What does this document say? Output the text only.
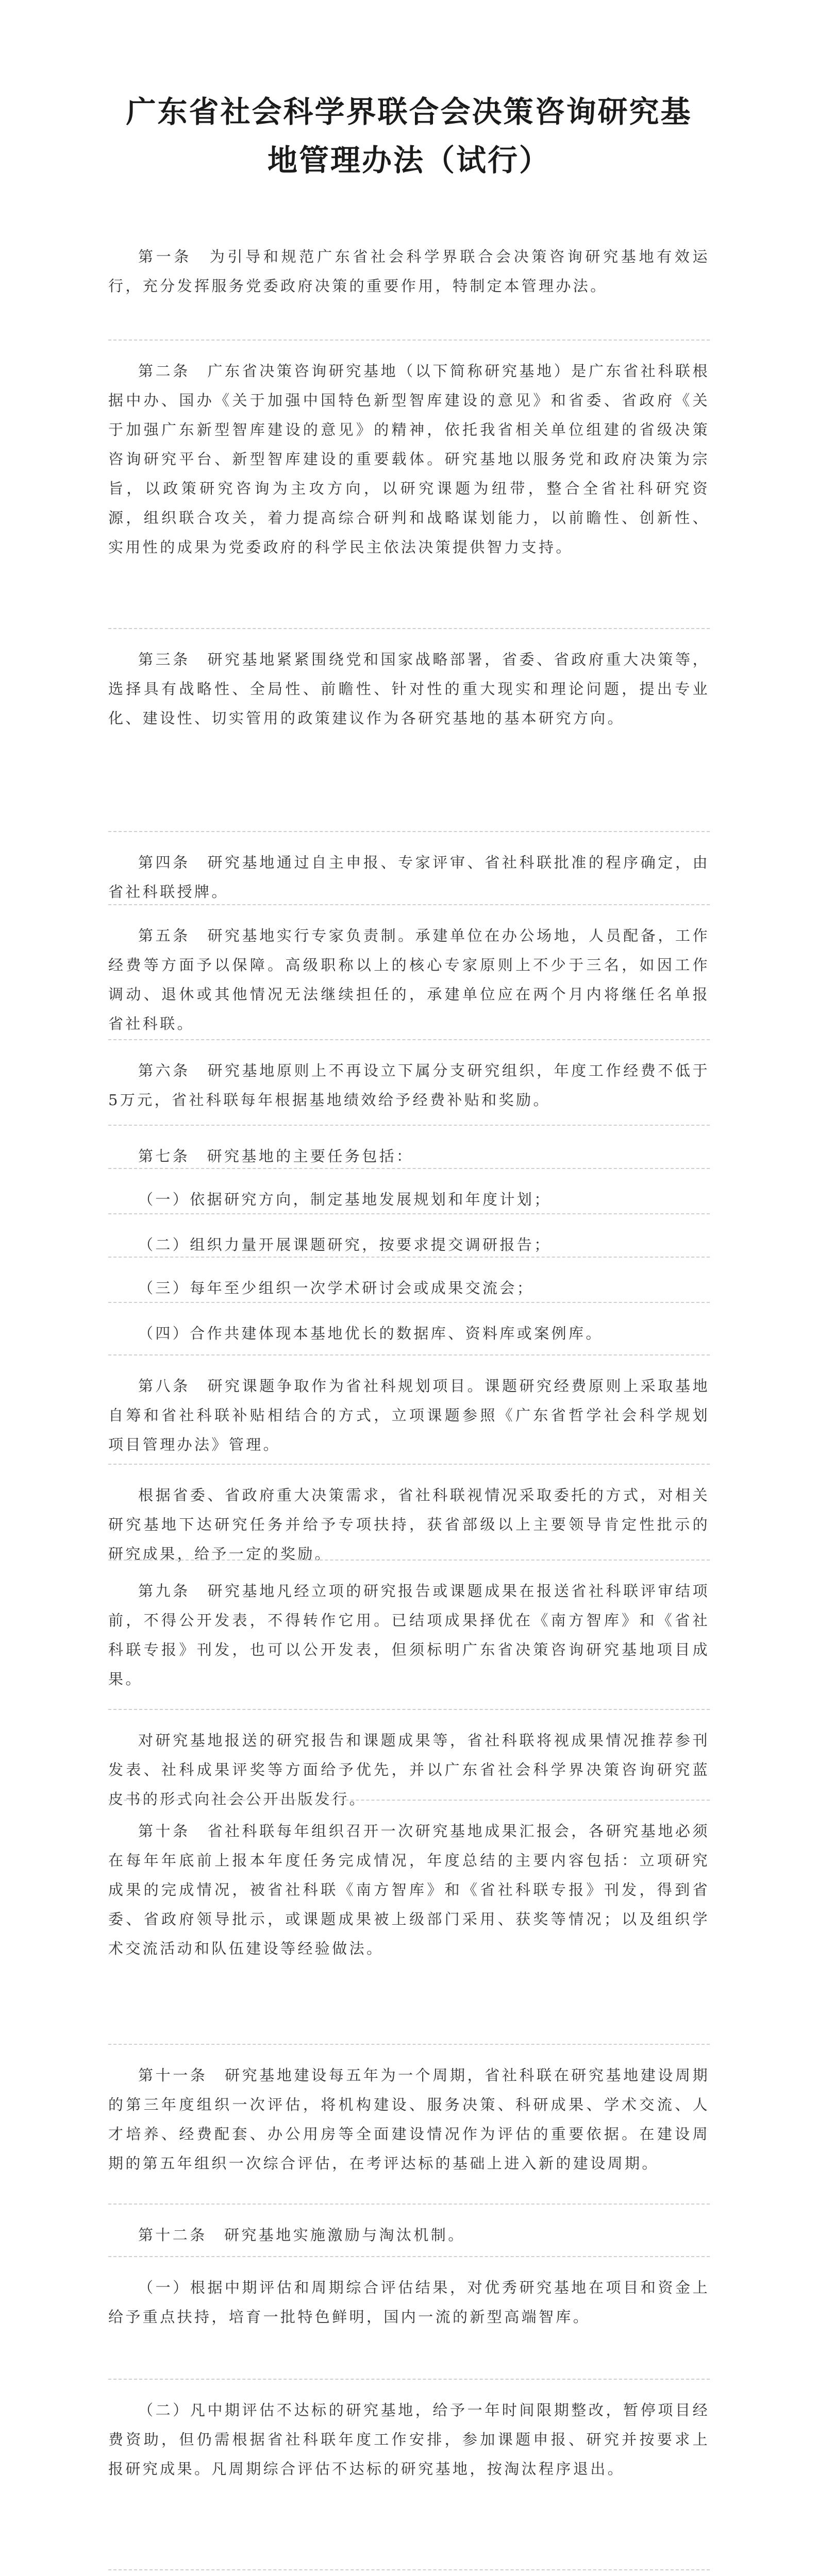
广东省社会科学界联合会决策咨询研究基
地管理办法（试行）

第一条　为引导和规范广东省社会科学界联合会决策咨询研究基地有效运行，充分发挥服务党委政府决策的重要作用，特制定本管理办法。

第二条　广东省决策咨询研究基地（以下简称研究基地）是广东省社科联根据中办、国办《关于加强中国特色新型智库建设的意见》和省委、省政府《关于加强广东新型智库建设的意见》的精神，依托我省相关单位组建的省级决策咨询研究平台、新型智库建设的重要载体。研究基地以服务党和政府决策为宗旨，以政策研究咨询为主攻方向，以研究课题为纽带，整合全省社科研究资源，组织联合攻关，着力提高综合研判和战略谋划能力，以前瞻性、创新性、实用性的成果为党委政府的科学民主依法决策提供智力支持。

第三条　研究基地紧紧围绕党和国家战略部署，省委、省政府重大决策等，选择具有战略性、全局性、前瞻性、针对性的重大现实和理论问题，提出专业化、建设性、切实管用的政策建议作为各研究基地的基本研究方向。

第四条　研究基地通过自主申报、专家评审、省社科联批准的程序确定，由省社科联授牌。

第五条　研究基地实行专家负责制。承建单位在办公场地，人员配备，工作经费等方面予以保障。高级职称以上的核心专家原则上不少于三名，如因工作调动、退休或其他情况无法继续担任的，承建单位应在两个月内将继任名单报省社科联。

第六条　研究基地原则上不再设立下属分支研究组织，年度工作经费不低于5万元，省社科联每年根据基地绩效给予经费补贴和奖励。

第七条　研究基地的主要任务包括：

（一）依据研究方向，制定基地发展规划和年度计划；

（二）组织力量开展课题研究，按要求提交调研报告；

（三）每年至少组织一次学术研讨会或成果交流会；

（四）合作共建体现本基地优长的数据库、资料库或案例库。

第八条　研究课题争取作为省社科规划项目。课题研究经费原则上采取基地自筹和省社科联补贴相结合的方式，立项课题参照《广东省哲学社会科学规划项目管理办法》管理。

根据省委、省政府重大决策需求，省社科联视情况采取委托的方式，对相关研究基地下达研究任务并给予专项扶持，获省部级以上主要领导肯定性批示的研究成果，给予一定的奖励。

第九条　研究基地凡经立项的研究报告或课题成果在报送省社科联评审结项前，不得公开发表，不得转作它用。已结项成果择优在《南方智库》和《省社科联专报》刊发，也可以公开发表，但须标明广东省决策咨询研究基地项目成果。

对研究基地报送的研究报告和课题成果等，省社科联将视成果情况推荐参刊发表、社科成果评奖等方面给予优先，并以广东省社会科学界决策咨询研究蓝皮书的形式向社会公开出版发行。

第十条　省社科联每年组织召开一次研究基地成果汇报会，各研究基地必须在每年年底前上报本年度任务完成情况，年度总结的主要内容包括：立项研究成果的完成情况，被省社科联《南方智库》和《省社科联专报》刊发，得到省委、省政府领导批示，或课题成果被上级部门采用、获奖等情况；以及组织学术交流活动和队伍建设等经验做法。

第十一条　研究基地建设每五年为一个周期，省社科联在研究基地建设周期的第三年度组织一次评估，将机构建设、服务决策、科研成果、学术交流、人才培养、经费配套、办公用房等全面建设情况作为评估的重要依据。在建设周期的第五年组织一次综合评估，在考评达标的基础上进入新的建设周期。

第十二条　研究基地实施激励与淘汰机制。

（一）根据中期评估和周期综合评估结果，对优秀研究基地在项目和资金上给予重点扶持，培育一批特色鲜明，国内一流的新型高端智库。

（二）凡中期评估不达标的研究基地，给予一年时间限期整改，暂停项目经费资助，但仍需根据省社科联年度工作安排，参加课题申报、研究并按要求上报研究成果。凡周期综合评估不达标的研究基地，按淘汰程序退出。
